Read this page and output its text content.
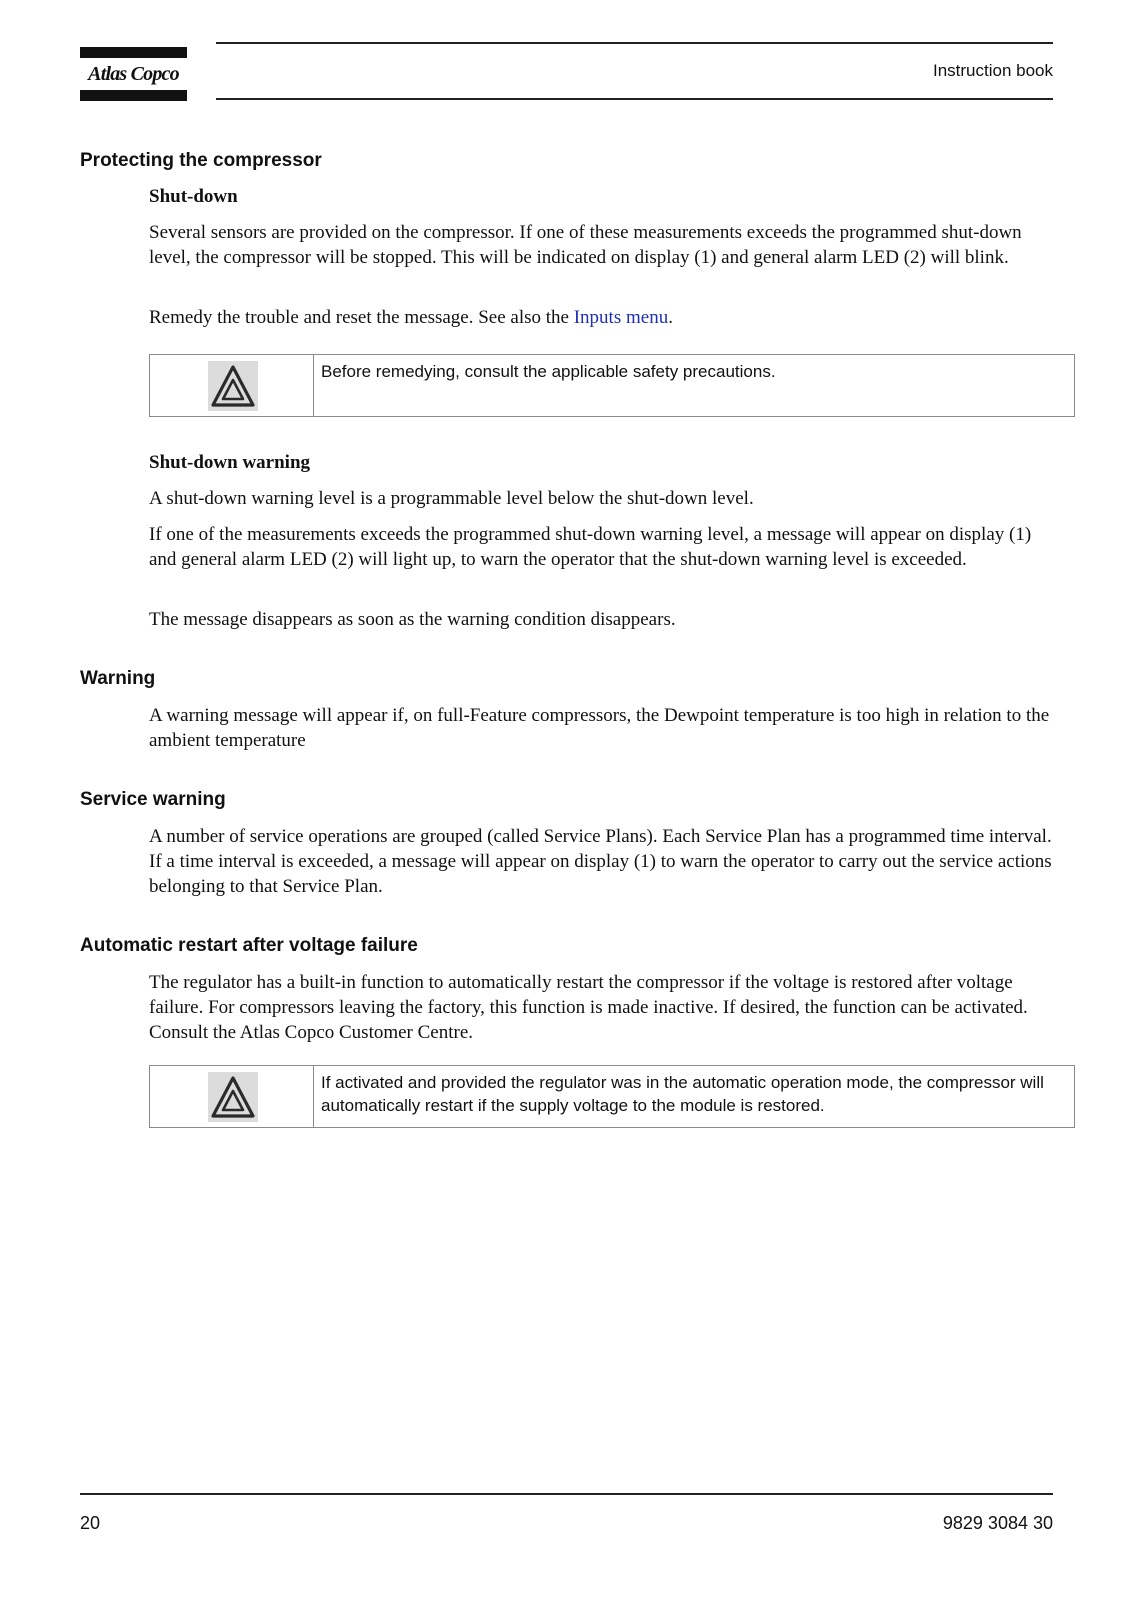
Atlas Copco	Instruction book
Protecting the compressor
Shut-down

Several sensors are provided on the compressor. If one of these measurements exceeds the programmed shut-down level, the compressor will be stopped. This will be indicated on display (1) and general alarm LED (2) will blink.

Remedy the trouble and reset the message. See also the Inputs menu.

Before remedying, consult the applicable safety precautions.
Shut-down warning

A shut-down warning level is a programmable level below the shut-down level.

If one of the measurements exceeds the programmed shut-down warning level, a message will appear on display (1) and general alarm LED (2) will light up, to warn the operator that the shut-down warning level is exceeded.

The message disappears as soon as the warning condition disappears.

Warning

A warning message will appear if, on full-Feature compressors, the Dewpoint temperature is too high in relation to the ambient temperature

Service warning

A number of service operations are grouped (called Service Plans). Each Service Plan has a programmed time interval. If a time interval is exceeded, a message will appear on display (1) to warn the operator to carry out the service actions belonging to that Service Plan.

Automatic restart after voltage failure

The regulator has a built-in function to automatically restart the compressor if the voltage is restored after voltage failure. For compressors leaving the factory, this function is made inactive. If desired, the function can be activated. Consult the Atlas Copco Customer Centre.

If activated and provided the regulator was in the automatic operation mode, the compressor will automatically restart if the supply voltage to the module is restored.
20	9829 3084 30
